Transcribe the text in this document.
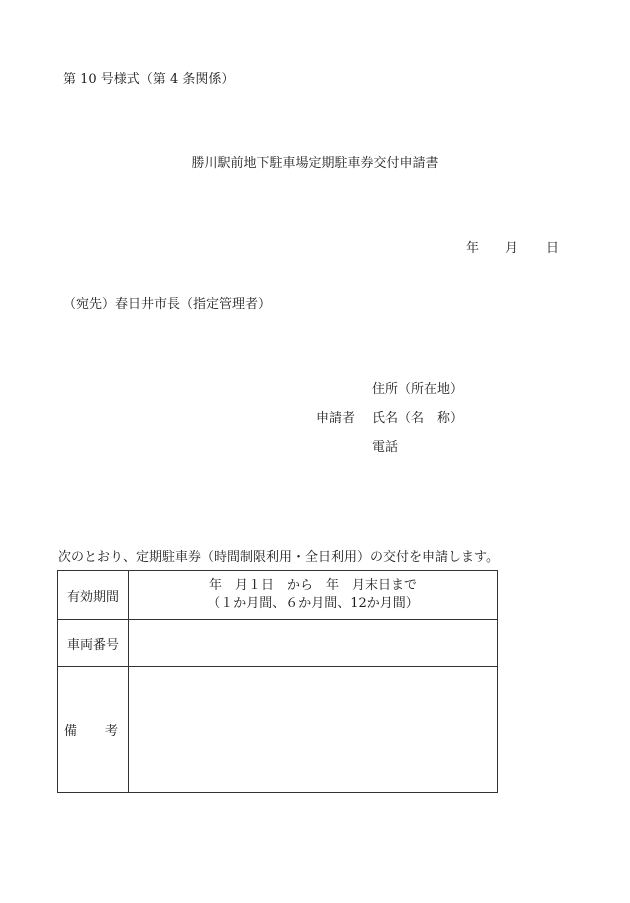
第 10 号様式（第 4 条関係）
勝川駅前地下駐車場定期駐車券交付申請書
年 月 日
（宛先）春日井市長（指定管理者）
住所（所在地）
申請者	氏名（名　称）
電話
次のとおり、定期駐車券（時間制限利用・全日利用）の交付を申請します。
有効期間	年　月１日　から　年　月末日まで
（１か月間、６か月間、12か月間）

車両番号	

備 考	
